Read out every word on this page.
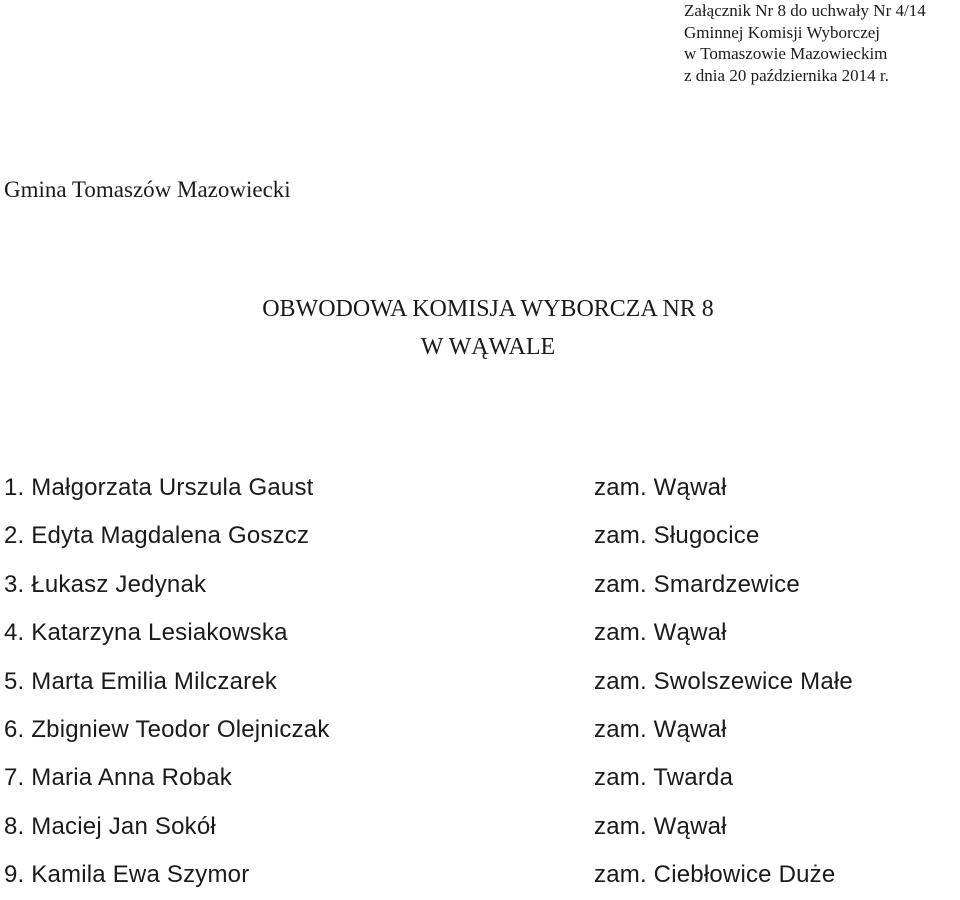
Załącznik Nr 8 do uchwały Nr 4/14
Gminnej Komisji Wyborczej
w Tomaszowie Mazowieckim
z dnia 20 października 2014 r.
Gmina Tomaszów Mazowiecki
OBWODOWA KOMISJA WYBORCZA NR 8
W WĄWALE
1. Małgorzata Urszula Gaust	zam. Wąwał
2. Edyta Magdalena Goszcz	zam. Sługocice
3. Łukasz Jedynak	zam. Smardzewice
4. Katarzyna Lesiakowska	zam. Wąwał
5. Marta Emilia Milczarek	zam. Swolszewice Małe
6. Zbigniew Teodor Olejniczak	zam. Wąwał
7. Maria Anna Robak	zam. Twarda
8. Maciej Jan Sokół	zam. Wąwał
9. Kamila Ewa Szymor	zam. Ciebłowice Duże
